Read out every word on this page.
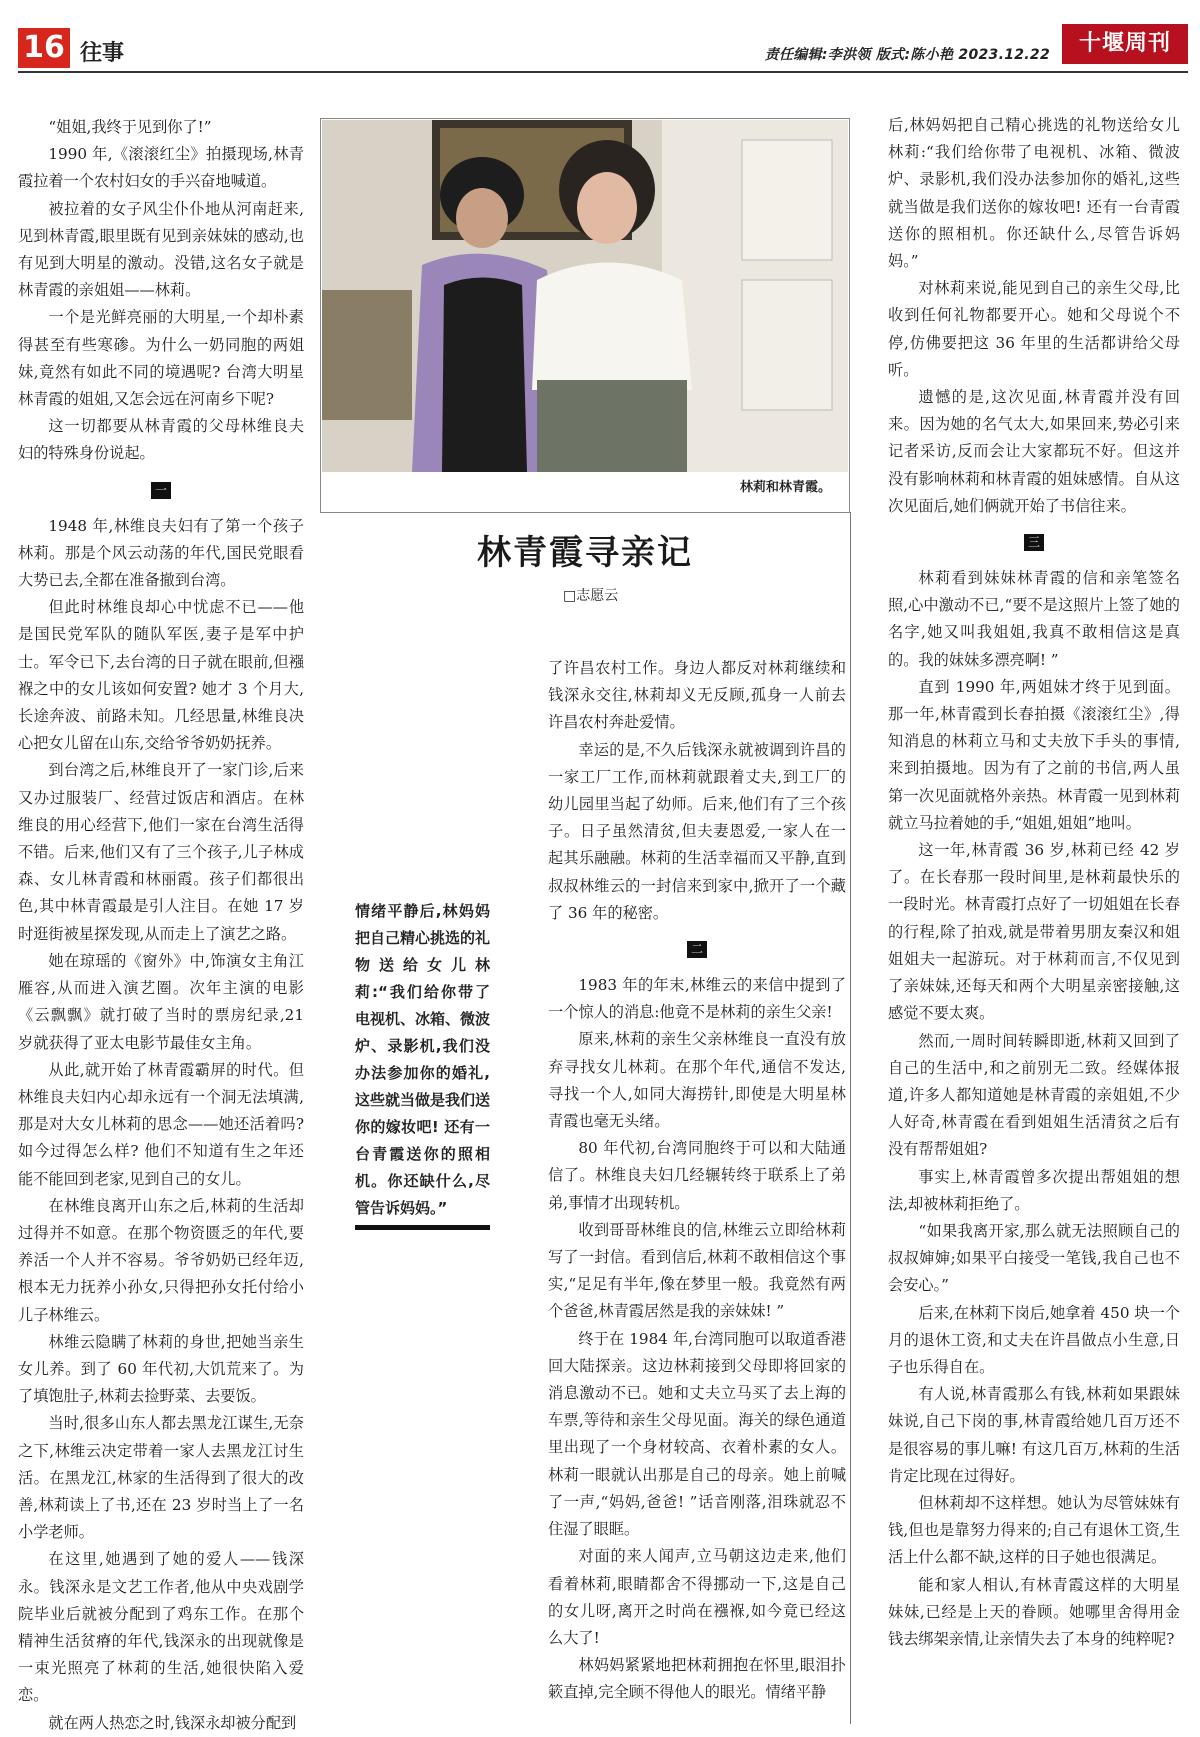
16 往事	责任编辑:李洪领 版式:陈小艳 2023.12.22	十堰周刊

“姐姐,我终于见到你了!”

1990 年,《滚滚红尘》拍摄现场,林青霞拉着一个农村妇女的手兴奋地喊道。

被拉着的女子风尘仆仆地从河南赶来,见到林青霞,眼里既有见到亲妹妹的感动,也有见到大明星的激动。没错,这名女子就是林青霞的亲姐姐——林莉。

一个是光鲜亮丽的大明星,一个却朴素得甚至有些寒碜。为什么一奶同胞的两姐妹,竟然有如此不同的境遇呢? 台湾大明星林青霞的姐姐,又怎会远在河南乡下呢?

这一切都要从林青霞的父母林维良夫妇的特殊身份说起。

一

1948 年,林维良夫妇有了第一个孩子林莉。那是个风云动荡的年代,国民党眼看大势已去,全都在准备撤到台湾。

但此时林维良却心中忧虑不已——他是国民党军队的随队军医,妻子是军中护士。军令已下,去台湾的日子就在眼前,但襁褓之中的女儿该如何安置? 她才 3 个月大,长途奔波、前路未知。几经思量,林维良决心把女儿留在山东,交给爷爷奶奶抚养。

到台湾之后,林维良开了一家门诊,后来又办过服装厂、经营过饭店和酒店。在林维良的用心经营下,他们一家在台湾生活得不错。后来,他们又有了三个孩子,儿子林成森、女儿林青霞和林丽霞。孩子们都很出色,其中林青霞最是引人注目。在她 17 岁时逛街被星探发现,从而走上了演艺之路。

她在琼瑶的《窗外》中,饰演女主角江雁容,从而进入演艺圈。次年主演的电影《云飘飘》就打破了当时的票房纪录,21 岁就获得了亚太电影节最佳女主角。

从此,就开始了林青霞霸屏的时代。但林维良夫妇内心却永远有一个洞无法填满,那是对大女儿林莉的思念——她还活着吗? 如今过得怎么样? 他们不知道有生之年还能不能回到老家,见到自己的女儿。

在林维良离开山东之后,林莉的生活却过得并不如意。在那个物资匮乏的年代,要养活一个人并不容易。爷爷奶奶已经年迈,根本无力抚养小孙女,只得把孙女托付给小儿子林维云。

林维云隐瞒了林莉的身世,把她当亲生女儿养。到了 60 年代初,大饥荒来了。为了填饱肚子,林莉去捡野菜、去要饭。

当时,很多山东人都去黑龙江谋生,无奈之下,林维云决定带着一家人去黑龙江讨生活。在黑龙江,林家的生活得到了很大的改善,林莉读上了书,还在 23 岁时当上了一名小学老师。

在这里,她遇到了她的爱人——钱深永。钱深永是文艺工作者,他从中央戏剧学院毕业后就被分配到了鸡东工作。在那个精神生活贫瘠的年代,钱深永的出现就像是一束光照亮了林莉的生活,她很快陷入爱恋。

就在两人热恋之时,钱深永却被分配到

林莉和林青霞。
林青霞寻亲记
□志愿云
情绪平静后,林妈妈把自己精心挑选的礼物送给女儿林莉:“我们给你带了电视机、冰箱、微波炉、录影机,我们没办法参加你的婚礼,这些就当做是我们送你的嫁妆吧! 还有一台青霞送你的照相机。你还缺什么,尽管告诉妈妈。”

了许昌农村工作。身边人都反对林莉继续和钱深永交往,林莉却义无反顾,孤身一人前去许昌农村奔赴爱情。

幸运的是,不久后钱深永就被调到许昌的一家工厂工作,而林莉就跟着丈夫,到工厂的幼儿园里当起了幼师。后来,他们有了三个孩子。日子虽然清贫,但夫妻恩爱,一家人在一起其乐融融。林莉的生活幸福而又平静,直到叔叔林维云的一封信来到家中,掀开了一个藏了 36 年的秘密。

二

1983 年的年末,林维云的来信中提到了一个惊人的消息:他竟不是林莉的亲生父亲!

原来,林莉的亲生父亲林维良一直没有放弃寻找女儿林莉。在那个年代,通信不发达,寻找一个人,如同大海捞针,即使是大明星林青霞也毫无头绪。

80 年代初,台湾同胞终于可以和大陆通信了。林维良夫妇几经辗转终于联系上了弟弟,事情才出现转机。

收到哥哥林维良的信,林维云立即给林莉写了一封信。看到信后,林莉不敢相信这个事实,“足足有半年,像在梦里一般。我竟然有两个爸爸,林青霞居然是我的亲妹妹! ”

终于在 1984 年,台湾同胞可以取道香港回大陆探亲。这边林莉接到父母即将回家的消息激动不已。她和丈夫立马买了去上海的车票,等待和亲生父母见面。海关的绿色通道里出现了一个身材较高、衣着朴素的女人。林莉一眼就认出那是自己的母亲。她上前喊了一声,“妈妈,爸爸! ”话音刚落,泪珠就忍不住湿了眼眶。

对面的来人闻声,立马朝这边走来,他们看着林莉,眼睛都舍不得挪动一下,这是自己的女儿呀,离开之时尚在襁褓,如今竟已经这么大了!

林妈妈紧紧地把林莉拥抱在怀里,眼泪扑簌直掉,完全顾不得他人的眼光。情绪平静

后,林妈妈把自己精心挑选的礼物送给女儿林莉:“我们给你带了电视机、冰箱、微波炉、录影机,我们没办法参加你的婚礼,这些就当做是我们送你的嫁妆吧! 还有一台青霞送你的照相机。你还缺什么,尽管告诉妈妈。”

对林莉来说,能见到自己的亲生父母,比收到任何礼物都要开心。她和父母说个不停,仿佛要把这 36 年里的生活都讲给父母听。

遗憾的是,这次见面,林青霞并没有回来。因为她的名气太大,如果回来,势必引来记者采访,反而会让大家都玩不好。但这并没有影响林莉和林青霞的姐妹感情。自从这次见面后,她们俩就开始了书信往来。

三

林莉看到妹妹林青霞的信和亲笔签名照,心中激动不已,“要不是这照片上签了她的名字,她又叫我姐姐,我真不敢相信这是真的。我的妹妹多漂亮啊! ”

直到 1990 年,两姐妹才终于见到面。那一年,林青霞到长春拍摄《滚滚红尘》,得知消息的林莉立马和丈夫放下手头的事情,来到拍摄地。因为有了之前的书信,两人虽第一次见面就格外亲热。林青霞一见到林莉就立马拉着她的手,“姐姐,姐姐”地叫。

这一年,林青霞 36 岁,林莉已经 42 岁了。在长春那一段时间里,是林莉最快乐的一段时光。林青霞打点好了一切姐姐在长春的行程,除了拍戏,就是带着男朋友秦汉和姐姐姐夫一起游玩。对于林莉而言,不仅见到了亲妹妹,还每天和两个大明星亲密接触,这感觉不要太爽。

然而,一周时间转瞬即逝,林莉又回到了自己的生活中,和之前别无二致。经媒体报道,许多人都知道她是林青霞的亲姐姐,不少人好奇,林青霞在看到姐姐生活清贫之后有没有帮帮姐姐?

事实上,林青霞曾多次提出帮姐姐的想法,却被林莉拒绝了。

“如果我离开家,那么就无法照顾自己的叔叔婶婶;如果平白接受一笔钱,我自己也不会安心。”

后来,在林莉下岗后,她拿着 450 块一个月的退休工资,和丈夫在许昌做点小生意,日子也乐得自在。

有人说,林青霞那么有钱,林莉如果跟妹妹说,自己下岗的事,林青霞给她几百万还不是很容易的事儿嘛! 有这几百万,林莉的生活肯定比现在过得好。

但林莉却不这样想。她认为尽管妹妹有钱,但也是靠努力得来的;自己有退休工资,生活上什么都不缺,这样的日子她也很满足。

能和家人相认,有林青霞这样的大明星妹妹,已经是上天的眷顾。她哪里舍得用金钱去绑架亲情,让亲情失去了本身的纯粹呢?
